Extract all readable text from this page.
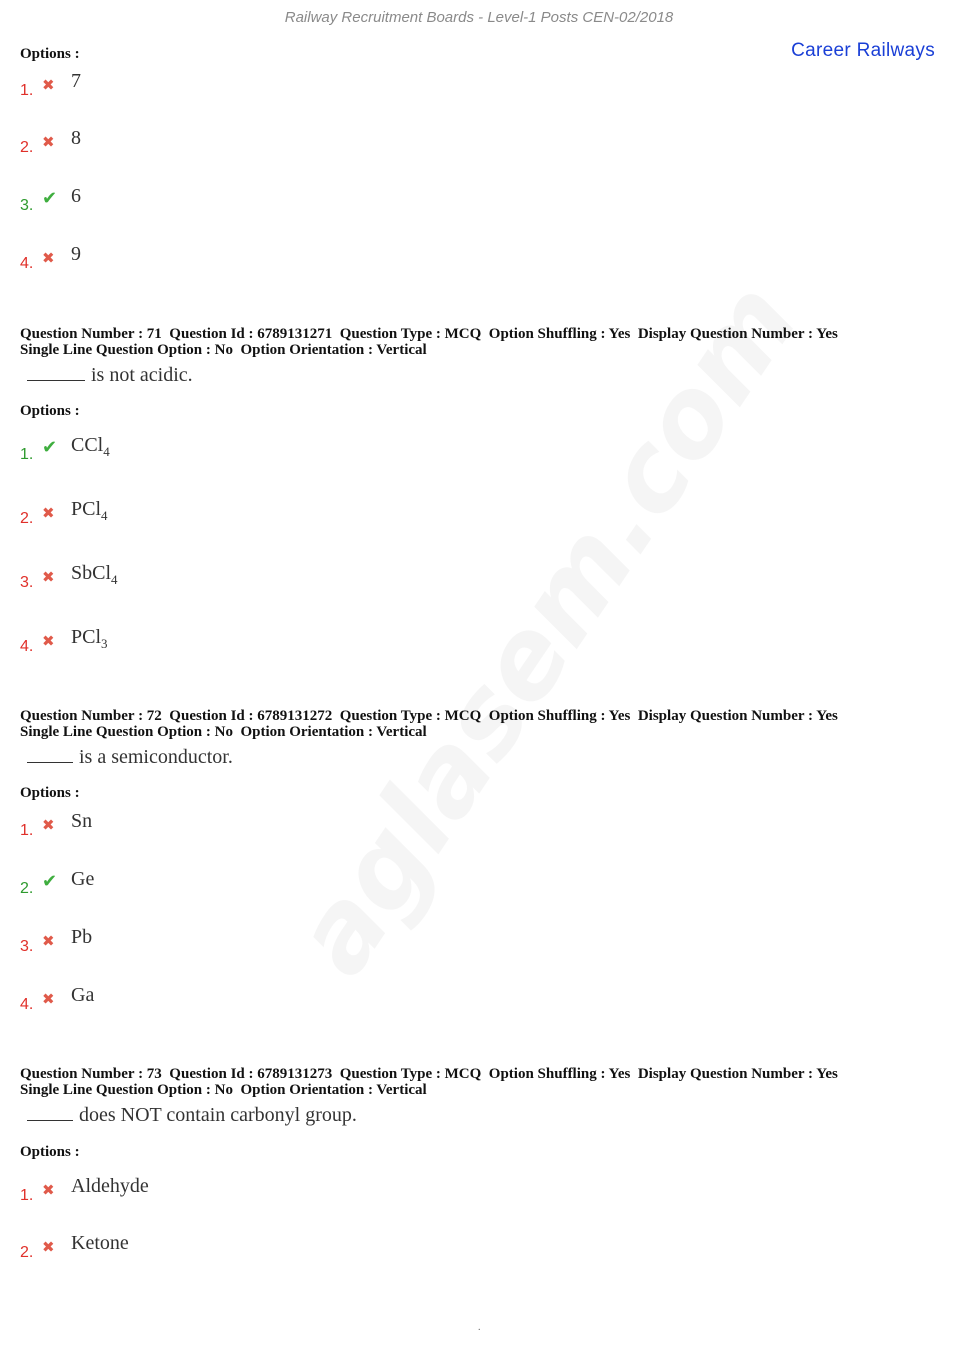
Railway Recruitment Boards - Level-1 Posts CEN-02/2018
Career Railways
Options :
1. ✖ 7
2. ✖ 8
3. ✔ 6
4. ✖ 9
Question Number : 71  Question Id : 6789131271  Question Type : MCQ  Option Shuffling : Yes  Display Question Number : Yes
Single Line Question Option : No  Option Orientation : Vertical
is not acidic.
Options :
1. ✔ CCl$_4$
2. ✖ PCl$_4$
3. ✖ SbCl$_4$
4. ✖ PCl$_3$
Question Number : 72  Question Id : 6789131272  Question Type : MCQ  Option Shuffling : Yes  Display Question Number : Yes
Single Line Question Option : No  Option Orientation : Vertical
is a semiconductor.
Options :
1. ✖ Sn
2. ✔ Ge
3. ✖ Pb
4. ✖ Ga
Question Number : 73  Question Id : 6789131273  Question Type : MCQ  Option Shuffling : Yes  Display Question Number : Yes
Single Line Question Option : No  Option Orientation : Vertical
does NOT contain carbonyl group.
Options :
1. ✖ Aldehyde
2. ✖ Ketone
.
